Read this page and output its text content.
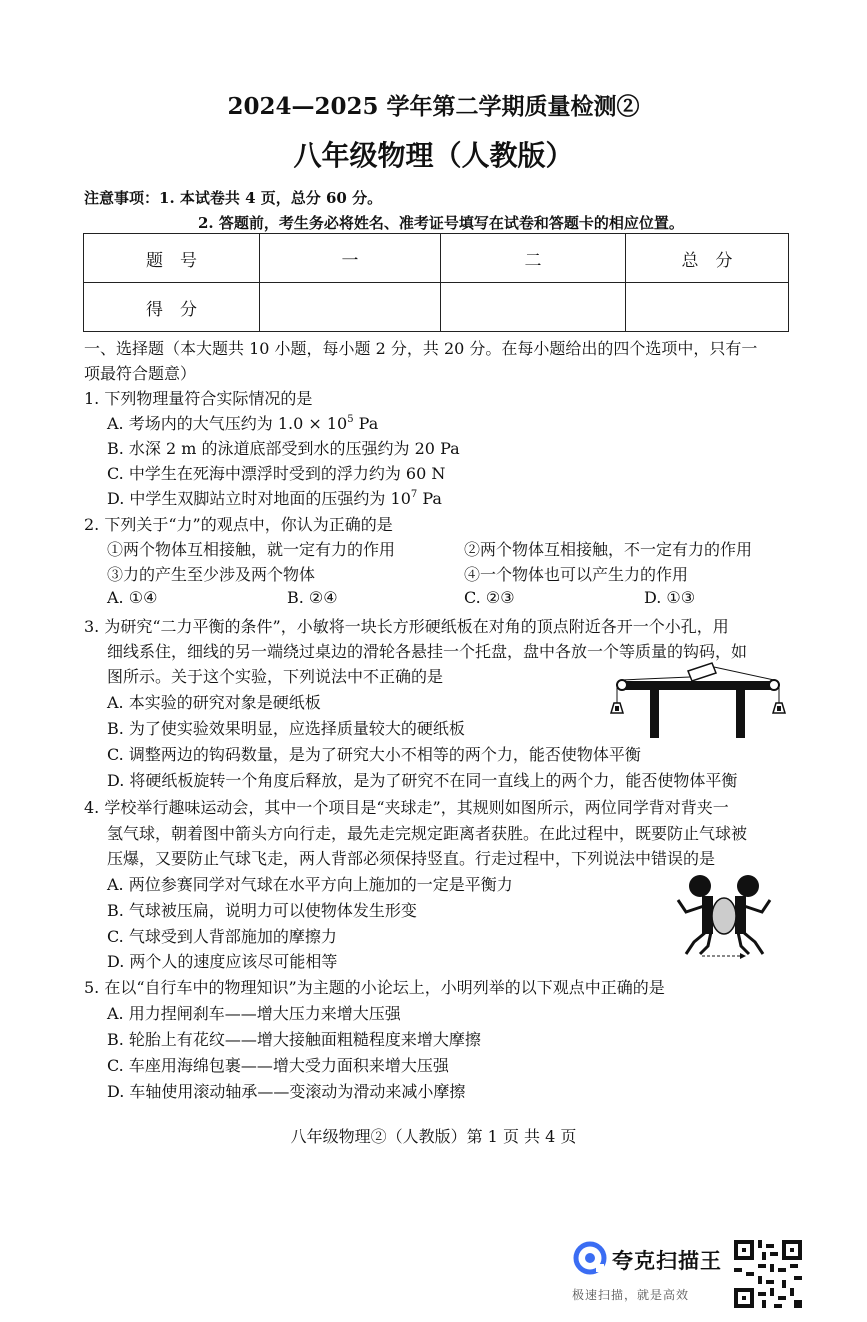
2024—2025 学年第二学期质量检测②
八年级物理（人教版）
注意事项：1. 本试卷共 4 页，总分 60 分。
2. 答题前，考生务必将姓名、准考证号填写在试卷和答题卡的相应位置。
题　号	一	二	总　分
得　分			
一、选择题（本大题共 10 小题，每小题 2 分，共 20 分。在每小题给出的四个选项中，只有一
项最符合题意）
1. 下列物理量符合实际情况的是
A. 考场内的大气压约为 $1.0 \times 10^5$ Pa
B. 水深 2 m 的泳道底部受到水的压强约为 20 Pa
C. 中学生在死海中漂浮时受到的浮力约为 60 N
D. 中学生双脚站立时对地面的压强约为 $10^7$ Pa
2. 下列关于“力”的观点中，你认为正确的是
①两个物体互相接触，就一定有力的作用	②两个物体互相接触，不一定有力的作用
③力的产生至少涉及两个物体	④一个物体也可以产生力的作用
A. ①④	B. ②④	C. ②③	D. ①③
3. 为研究“二力平衡的条件”，小敏将一块长方形硬纸板在对角的顶点附近各开一个小孔，用
细线系住，细线的另一端绕过桌边的滑轮各悬挂一个托盘，盘中各放一个等质量的钩码，如
图所示。关于这个实验，下列说法中不正确的是
A. 本实验的研究对象是硬纸板
B. 为了使实验效果明显，应选择质量较大的硬纸板
C. 调整两边的钩码数量，是为了研究大小不相等的两个力，能否使物体平衡
D. 将硬纸板旋转一个角度后释放，是为了研究不在同一直线上的两个力，能否使物体平衡
4. 学校举行趣味运动会，其中一个项目是“夹球走”，其规则如图所示，两位同学背对背夹一
氢气球，朝着图中箭头方向行走，最先走完规定距离者获胜。在此过程中，既要防止气球被
压爆，又要防止气球飞走，两人背部必须保持竖直。行走过程中，下列说法中错误的是
A. 两位参赛同学对气球在水平方向上施加的一定是平衡力
B. 气球被压扁，说明力可以使物体发生形变
C. 气球受到人背部施加的摩擦力
D. 两个人的速度应该尽可能相等
5. 在以“自行车中的物理知识”为主题的小论坛上，小明列举的以下观点中正确的是
A. 用力捏闸刹车——增大压力来增大压强
B. 轮胎上有花纹——增大接触面粗糙程度来增大摩擦
C. 车座用海绵包裹——增大受力面积来增大压强
D. 车轴使用滚动轴承——变滚动为滑动来减小摩擦
八年级物理②（人教版）第 1 页 共 4 页
夸克扫描王
极速扫描，就是高效
